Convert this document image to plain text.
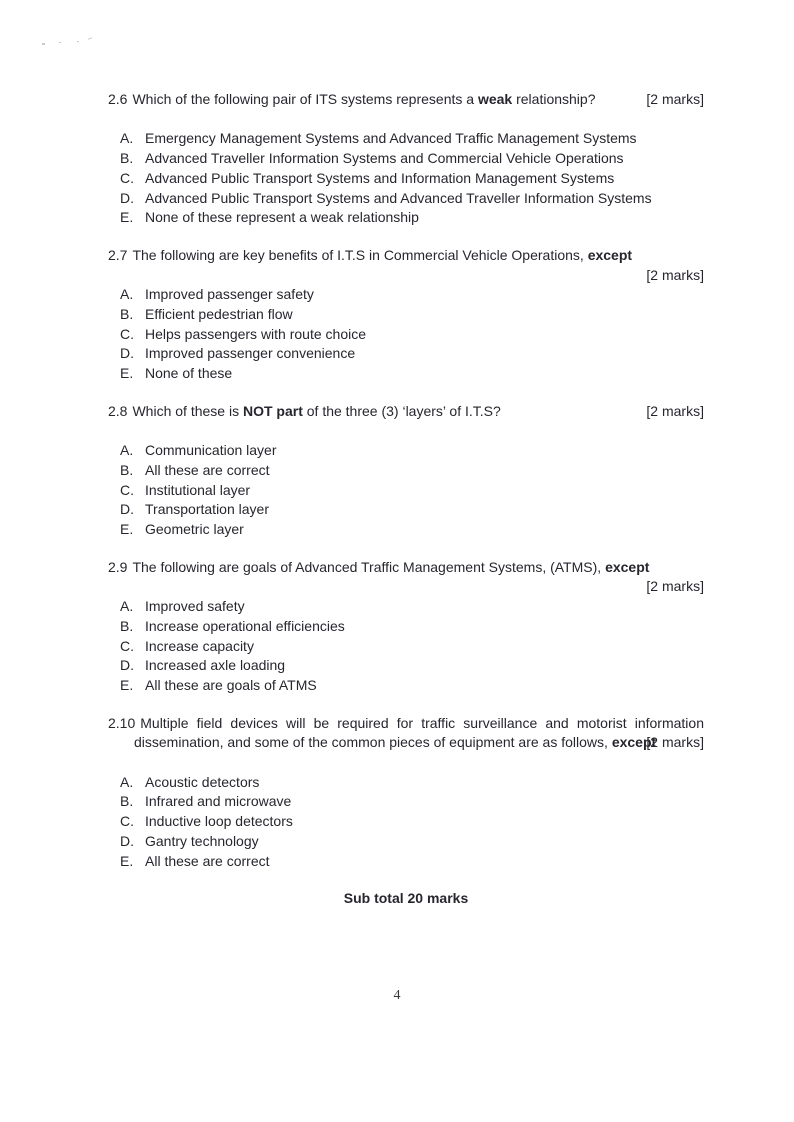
2.6 Which of the following pair of ITS systems represents a weak relationship?	[2 marks]
A. Emergency Management Systems and Advanced Traffic Management Systems
B. Advanced Traveller Information Systems and Commercial Vehicle Operations
C. Advanced Public Transport Systems and Information Management Systems
D. Advanced Public Transport Systems and Advanced Traveller Information Systems
E. None of these represent a weak relationship

2.7 The following are key benefits of I.T.S in Commercial Vehicle Operations, except

[2 marks]
A. Improved passenger safety
B. Efficient pedestrian flow
C. Helps passengers with route choice
D. Improved passenger convenience
E. None of these

2.8 Which of these is NOT part of the three (3) ‘layers’ of I.T.S?	[2 marks]
A. Communication layer
B. All these are correct
C. Institutional layer
D. Transportation layer
E. Geometric layer

2.9 The following are goals of Advanced Traffic Management Systems, (ATMS), except

[2 marks]
A. Improved safety
B. Increase operational efficiencies
C. Increase capacity
D. Increased axle loading
E. All these are goals of ATMS

2.10 Multiple field devices will be required for traffic surveillance and motorist information dissemination, and some of the common pieces of equipment are as follows, except

[2 marks]
A. Acoustic detectors
B. Infrared and microwave
C. Inductive loop detectors
D. Gantry technology
E. All these are correct

Sub total 20 marks

4
